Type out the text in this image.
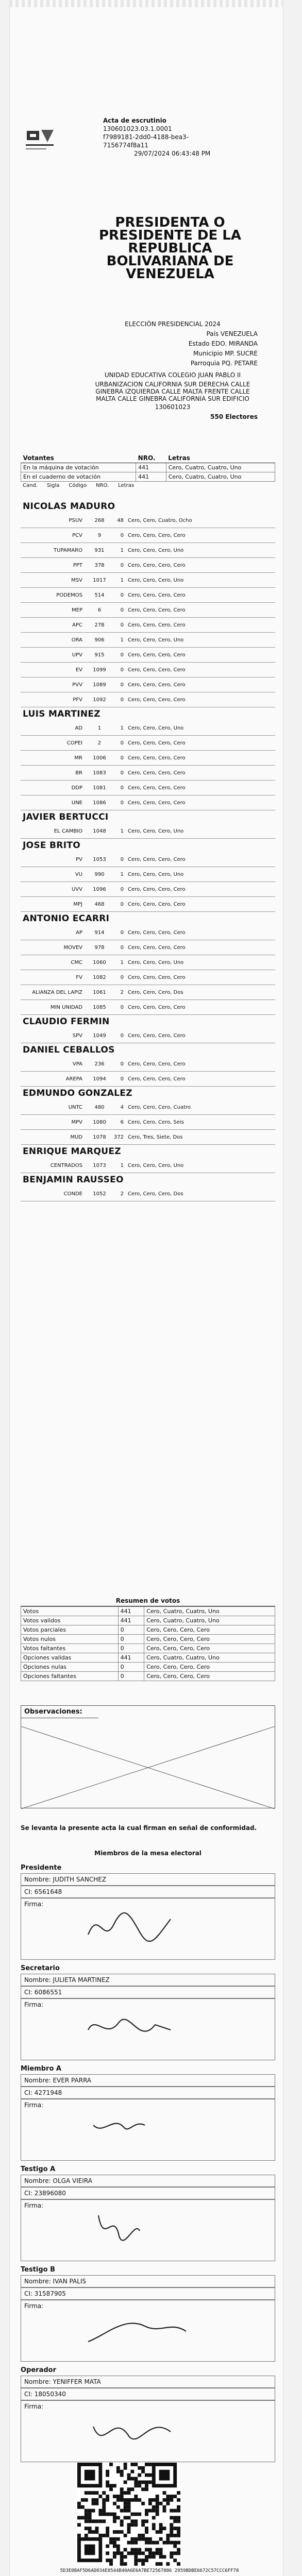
Acta de escrutinio
130601023.03.1.0001
f7989181-2dd0-4188-bea3-
7156774f8a11
29/07/2024 06:43:48 PM
PRESIDENTA O PRESIDENTE DE LA REPUBLICA BOLIVARIANA DE VENEZUELA
ELECCIÓN PRESIDENCIAL 2024
País VENEZUELA
Estado EDO. MIRANDA
Municipio MP. SUCRE
Parroquia PQ. PETARE
UNIDAD EDUCATIVA COLEGIO JUAN PABLO II
URBANIZACION CALIFORNIA SUR DERECHA CALLE GINEBRA IZQUIERDA CALLE MALTA FRENTE CALLE MALTA CALLE GINEBRA CALIFORNIA SUR EDIFICIO
130601023
550 Electores
Votantes	NRO.	Letras
En la máquina de votación	441	Cero, Cuatro, Cuatro, Uno
En el cuaderno de votación	441	Cero, Cuatro, Cuatro, Uno
Cand. Sigla Código NRO. Letras
NICOLAS MADURO
PSUV	268	48 Cero, Cero, Cuatro, Ocho
PCV	9	0 Cero, Cero, Cero, Cero
TUPAMARO	931	1 Cero, Cero, Cero, Uno
PPT	378	0 Cero, Cero, Cero, Cero
MSV	1017	1 Cero, Cero, Cero, Uno
PODEMOS	514	0 Cero, Cero, Cero, Cero
MEP	6	0 Cero, Cero, Cero, Cero
APC	278	0 Cero, Cero, Cero, Cero
ORA	906	1 Cero, Cero, Cero, Uno
UPV	915	0 Cero, Cero, Cero, Cero
EV	1099	0 Cero, Cero, Cero, Cero
PVV	1089	0 Cero, Cero, Cero, Cero
PFV	1092	0 Cero, Cero, Cero, Cero
LUIS MARTINEZ
AD	1	1 Cero, Cero, Cero, Uno
COPEI	2	0 Cero, Cero, Cero, Cero
MR	1006	0 Cero, Cero, Cero, Cero
BR	1083	0 Cero, Cero, Cero, Cero
DDP	1081	0 Cero, Cero, Cero, Cero
UNE	1086	0 Cero, Cero, Cero, Cero
JAVIER BERTUCCI
EL CAMBIO	1048	1 Cero, Cero, Cero, Uno
JOSE BRITO
PV	1053	0 Cero, Cero, Cero, Cero
VU	990	1 Cero, Cero, Cero, Uno
UVV	1096	0 Cero, Cero, Cero, Cero
MPJ	468	0 Cero, Cero, Cero, Cero
ANTONIO ECARRI
AP	914	0 Cero, Cero, Cero, Cero
MOVEV	978	0 Cero, Cero, Cero, Cero
CMC	1060	1 Cero, Cero, Cero, Uno
FV	1082	0 Cero, Cero, Cero, Cero
ALIANZA DEL LAPIZ	1061	2 Cero, Cero, Cero, Dos
MIN UNIDAD	1085	0 Cero, Cero, Cero, Cero
CLAUDIO FERMIN
SPV	1049	0 Cero, Cero, Cero, Cero
DANIEL CEBALLOS
VPA	236	0 Cero, Cero, Cero, Cero
AREPA	1094	0 Cero, Cero, Cero, Cero
EDMUNDO GONZALEZ
UNTC	480	4 Cero, Cero, Cero, Cuatro
MPV	1080	6 Cero, Cero, Cero, Seis
MUD	1078	372 Cero, Tres, Siete, Dos
ENRIQUE MARQUEZ
CENTRADOS	1073	1 Cero, Cero, Cero, Uno
BENJAMIN RAUSSEO
CONDE	1052	2 Cero, Cero, Cero, Dos
Resumen de votos
Votos	441	Cero, Cuatro, Cuatro, Uno
Votos validos	441	Cero, Cuatro, Cuatro, Uno
Votos parciales	0	Cero, Cero, Cero, Cero
Votos nulos	0	Cero, Cero, Cero, Cero
Votos faltantes	0	Cero, Cero, Cero, Cero
Opciones validas	441	Cero, Cuatro, Cuatro, Uno
Opciones nulas	0	Cero, Cero, Cero, Cero
Opciones faltantes	0	Cero, Cero, Cero, Cero
Observaciones:
Se levanta la presente acta la cual firman en señal de conformidad.
Miembros de la mesa electoral
Presidente
Nombre: JUDITH SANCHEZ
CI: 6561648
Firma:
Secretario
Nombre: JULIETA MARTINEZ
CI: 6086551
Firma:
Miembro A
Nombre: EVER PARRA
CI: 4271948
Firma:
Testigo A
Nombre: OLGA VIEIRA
CI: 23896080
Firma:
Testigo B
Nombre: IVAN PALIS
CI: 31587905
Firma:
Operador
Nombre: YENIFFER MATA
CI: 18050340
Firma:
5D3E0BAF5D6AD834E0544B40A6E6A7BE72567886 2959BDBE6672C57CCC6FF78
